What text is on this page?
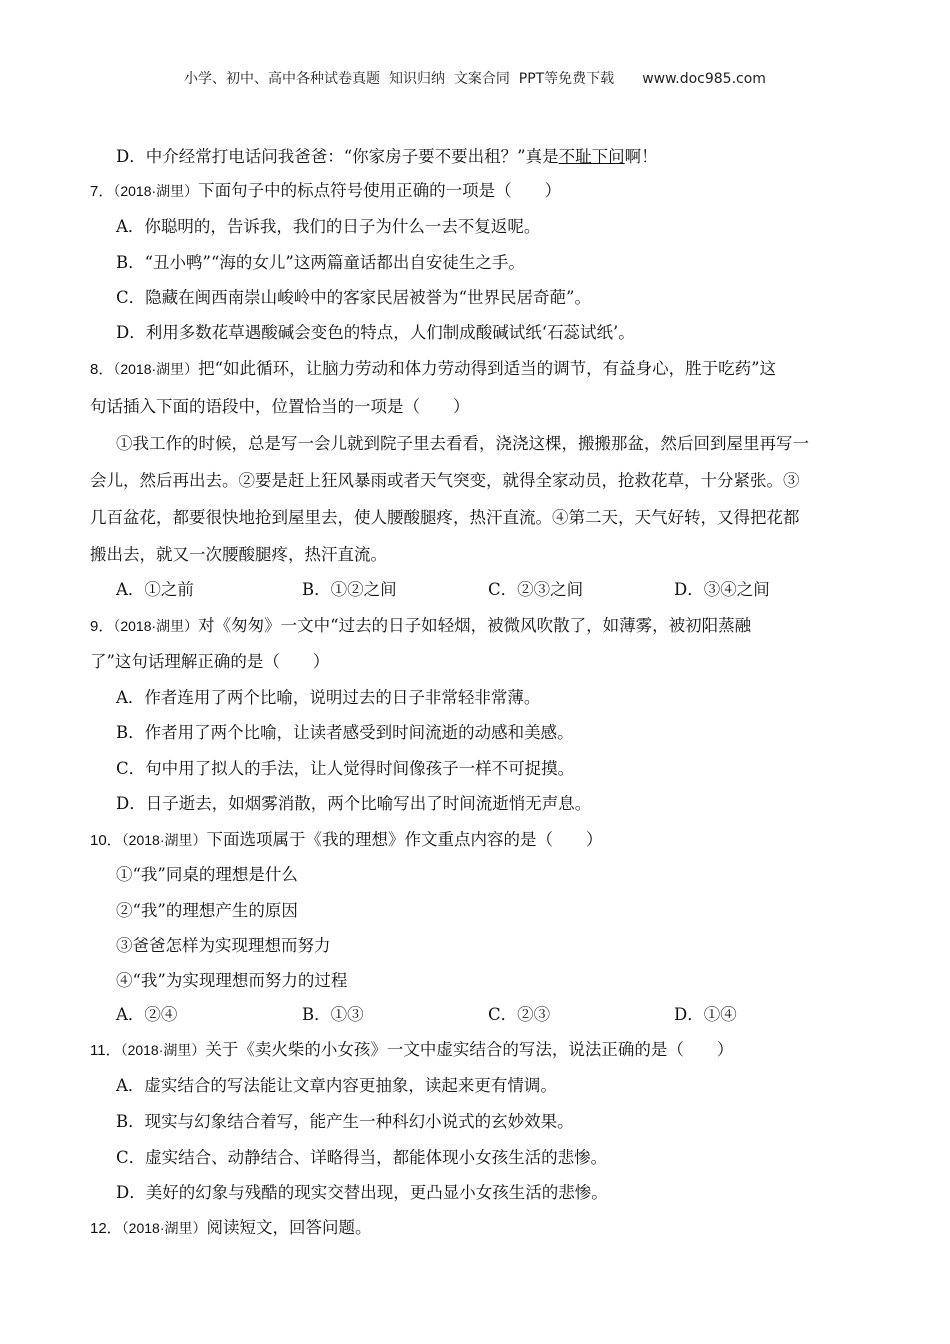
小学、初中、高中各种试卷真题  知识归纳  文案合同  PPT等免费下载 www.doc985.com
D．中介经常打电话问我爸爸：“你家房子要不要出租？”真是不耻下问啊！
7．（2018·湖里）下面句子中的标点符号使用正确的一项是（　　）
A．你聪明的，告诉我，我们的日子为什么一去不复返呢。
B．“丑小鸭”“海的女儿”这两篇童话都出自安徒生之手。
C．隐藏在闽西南崇山峻岭中的客家民居被誉为“世界民居奇葩”。
D．利用多数花草遇酸碱会变色的特点，人们制成酸碱试纸‘石蕊试纸’。
8．（2018·湖里）把“如此循环，让脑力劳动和体力劳动得到适当的调节，有益身心，胜于吃药”这
句话插入下面的语段中，位置恰当的一项是（　　）
①我工作的时候，总是写一会儿就到院子里去看看，浇浇这棵，搬搬那盆，然后回到屋里再写一
会儿，然后再出去。②要是赶上狂风暴雨或者天气突变，就得全家动员，抢救花草，十分紧张。③
几百盆花，都要很快地抢到屋里去，使人腰酸腿疼，热汗直流。④第二天，天气好转，又得把花都
搬出去，就又一次腰酸腿疼，热汗直流。
A．①之前	B．①②之间	C．②③之间	D．③④之间
9．（2018·湖里）对《匆匆》一文中“过去的日子如轻烟，被微风吹散了，如薄雾，被初阳蒸融
了”这句话理解正确的是（　　）
A．作者连用了两个比喻，说明过去的日子非常轻非常薄。
B．作者用了两个比喻，让读者感受到时间流逝的动感和美感。
C．句中用了拟人的手法，让人觉得时间像孩子一样不可捉摸。
D．日子逝去，如烟雾消散，两个比喻写出了时间流逝悄无声息。
10．（2018·湖里）下面选项属于《我的理想》作文重点内容的是（　　）
①“我”同桌的理想是什么
②“我”的理想产生的原因
③爸爸怎样为实现理想而努力
④“我”为实现理想而努力的过程
A．②④	B．①③	C．②③	D．①④
11．（2018·湖里）关于《卖火柴的小女孩》一文中虚实结合的写法，说法正确的是（　　）
A．虚实结合的写法能让文章内容更抽象，读起来更有情调。
B．现实与幻象结合着写，能产生一种科幻小说式的玄妙效果。
C．虚实结合、动静结合、详略得当，都能体现小女孩生活的悲惨。
D．美好的幻象与残酷的现实交替出现，更凸显小女孩生活的悲惨。
12．（2018·湖里）阅读短文，回答问题。
